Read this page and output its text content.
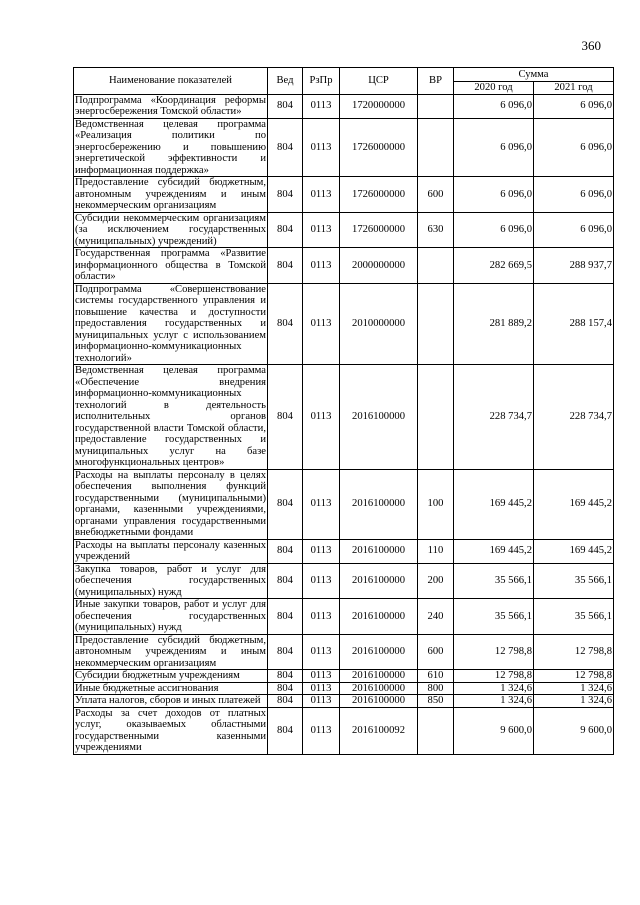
360
Наименование показателей	Вед	РзПр	ЦСР	ВР	Сумма	
					2020 год	2021 год
Подпрограмма «Координация реформы энергосбережения Томской области»	804	0113	1720000000		6 096,0	6 096,0
Ведомственная целевая программа «Реализация политики по энергосбережению и повышению энергетической эффективности и информационная поддержка»	804	0113	1726000000		6 096,0	6 096,0
Предоставление субсидий бюджетным, автономным учреждениям и иным некоммерческим организациям	804	0113	1726000000	600	6 096,0	6 096,0
Субсидии некоммерческим организациям (за исключением государственных (муниципальных) учреждений)	804	0113	1726000000	630	6 096,0	6 096,0
Государственная программа «Развитие информационного общества в Томской области»	804	0113	2000000000		282 669,5	288 937,7
Подпрограмма «Совершенствование системы государственного управления и повышение качества и доступности предоставления государственных и муниципальных услуг с использованием информационно-коммуникационных технологий»	804	0113	2010000000		281 889,2	288 157,4
Ведомственная целевая программа «Обеспечение внедрения информационно-коммуникационных технологий в деятельность исполнительных органов государственной власти Томской области, предоставление государственных и муниципальных услуг на базе многофункциональных центров»	804	0113	2016100000		228 734,7	228 734,7
Расходы на выплаты персоналу в целях обеспечения выполнения функций государственными (муниципальными) органами, казенными учреждениями, органами управления государственными внебюджетными фондами	804	0113	2016100000	100	169 445,2	169 445,2
Расходы на выплаты персоналу казенных учреждений	804	0113	2016100000	110	169 445,2	169 445,2
Закупка товаров, работ и услуг для обеспечения государственных (муниципальных) нужд	804	0113	2016100000	200	35 566,1	35 566,1
Иные закупки товаров, работ и услуг для обеспечения государственных (муниципальных) нужд	804	0113	2016100000	240	35 566,1	35 566,1
Предоставление субсидий бюджетным, автономным учреждениям и иным некоммерческим организациям	804	0113	2016100000	600	12 798,8	12 798,8
Субсидии бюджетным учреждениям	804	0113	2016100000	610	12 798,8	12 798,8
Иные бюджетные ассигнования	804	0113	2016100000	800	1 324,6	1 324,6
Уплата налогов, сборов и иных платежей	804	0113	2016100000	850	1 324,6	1 324,6
Расходы за счет доходов от платных услуг, оказываемых областными государственными казенными учреждениями	804	0113	2016100092		9 600,0	9 600,0
